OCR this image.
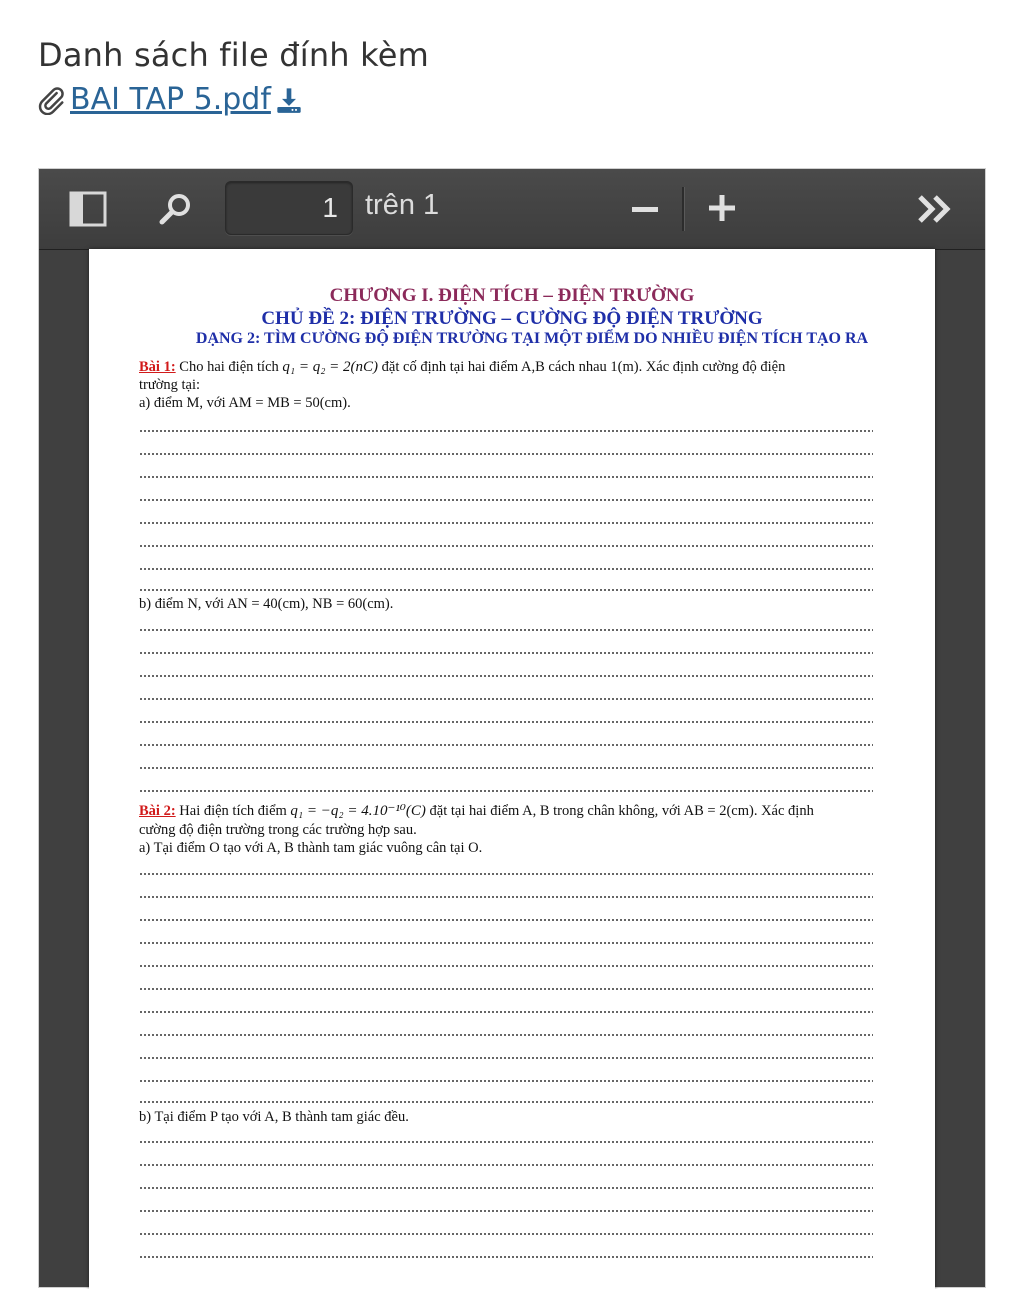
Danh sách file đính kèm
BAI TAP 5.pdf
1 trên 1
CHƯƠNG I. ĐIỆN TÍCH – ĐIỆN TRƯỜNG
CHỦ ĐỀ 2: ĐIỆN TRƯỜNG – CƯỜNG ĐỘ ĐIỆN TRƯỜNG
DẠNG 2: TÌM CƯỜNG ĐỘ ĐIỆN TRƯỜNG TẠI MỘT ĐIỂM DO NHIỀU ĐIỆN TÍCH TẠO RA
Bài 1: Cho hai điện tích q₁ = q₂ = 2(nC) đặt cố định tại hai điểm A,B cách nhau 1(m). Xác định cường độ điện
trường tại:
a) điểm M, với AM = MB = 50(cm).
b) điểm N, với AN = 40(cm), NB = 60(cm).
Bài 2: Hai điện tích điểm q₁ = −q₂ = 4.10⁻¹⁰(C) đặt tại hai điểm A, B trong chân không, với AB = 2(cm). Xác định
cường độ điện trường trong các trường hợp sau.
a) Tại điểm O tạo với A, B thành tam giác vuông cân tại O.
b) Tại điểm P tạo với A, B thành tam giác đều.
